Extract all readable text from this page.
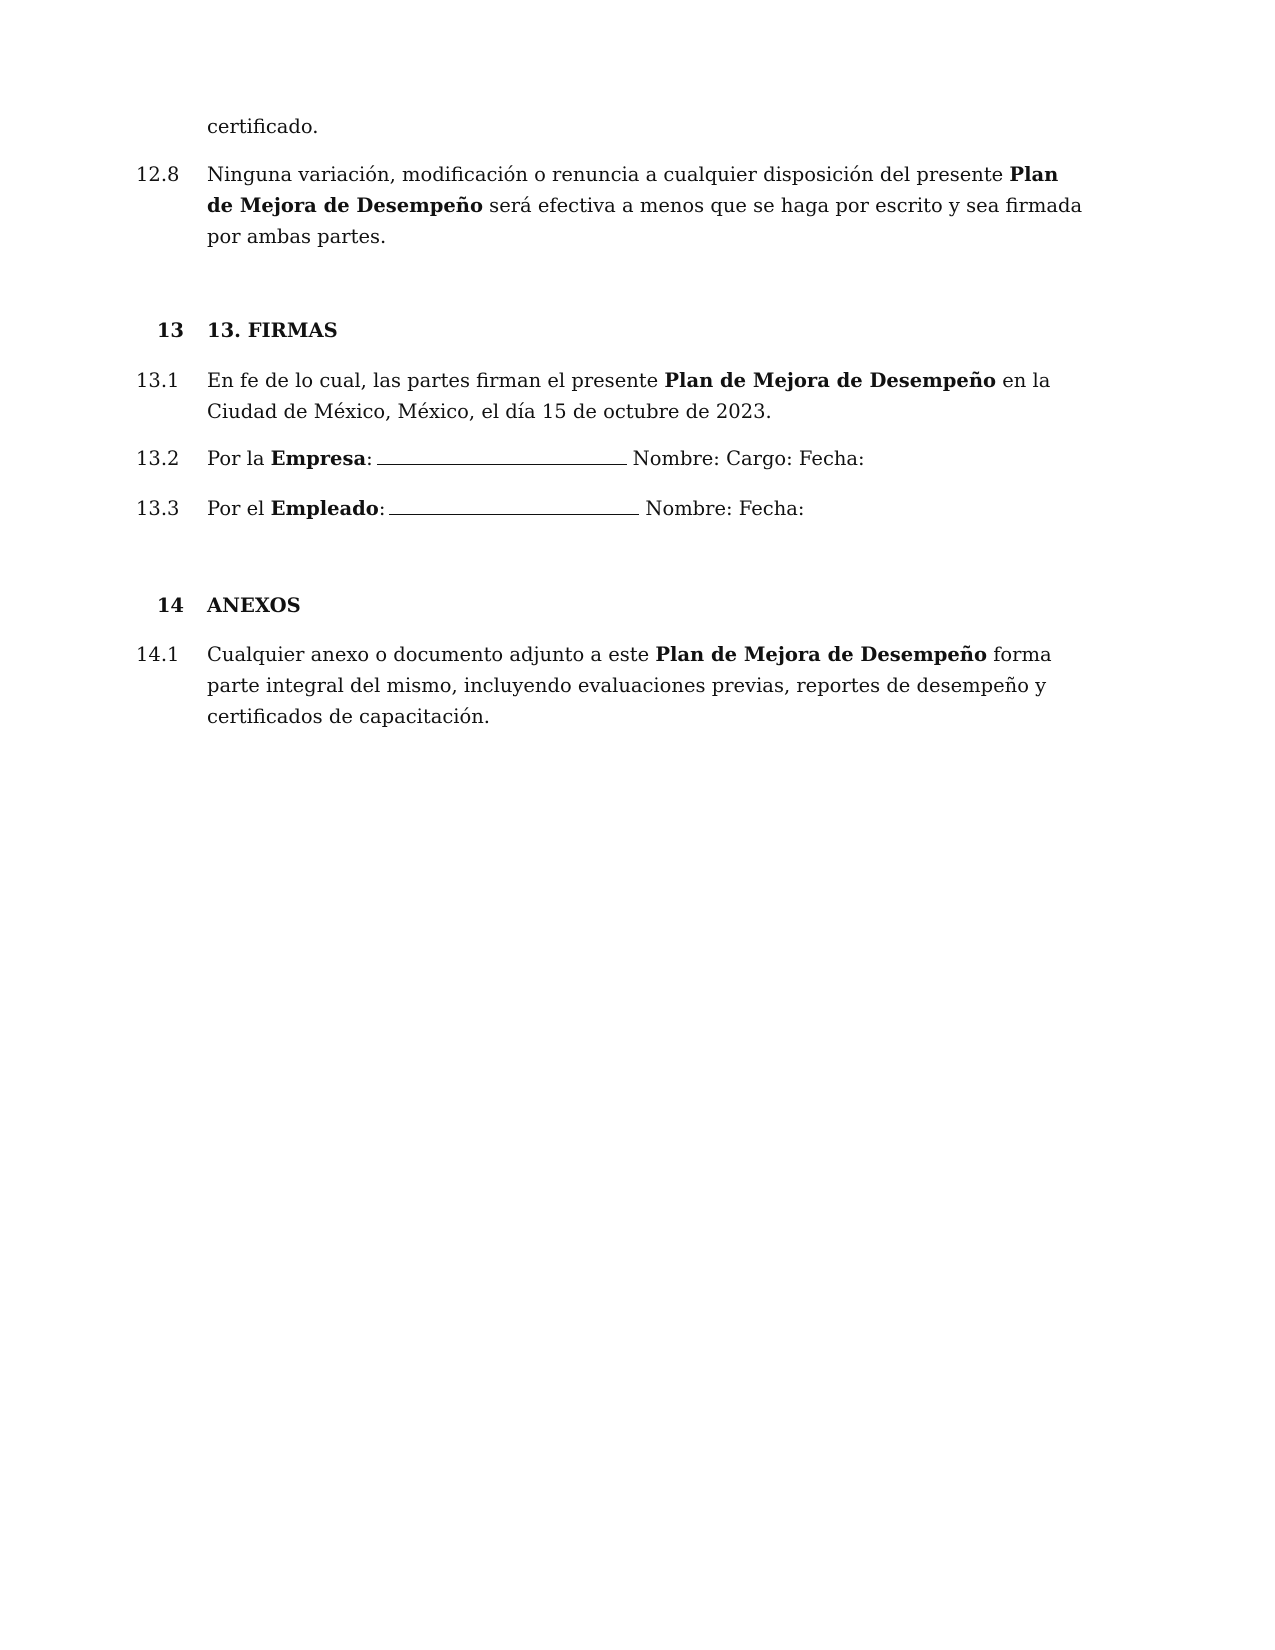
certificado.
12.8	Ninguna variación, modificación o renuncia a cualquier disposición del presente Plan de Mejora de Desempeño será efectiva a menos que se haga por escrito y sea firmada por ambas partes.
13 13. FIRMAS
13.1	En fe de lo cual, las partes firman el presente Plan de Mejora de Desempeño en la Ciudad de México, México, el día 15 de octubre de 2023.
13.2	Por la Empresa:	Nombre: Cargo: Fecha:
13.3	Por el Empleado:	Nombre: Fecha:
14 ANEXOS
14.1	Cualquier anexo o documento adjunto a este Plan de Mejora de Desempeño forma parte integral del mismo, incluyendo evaluaciones previas, reportes de desempeño y certificados de capacitación.
